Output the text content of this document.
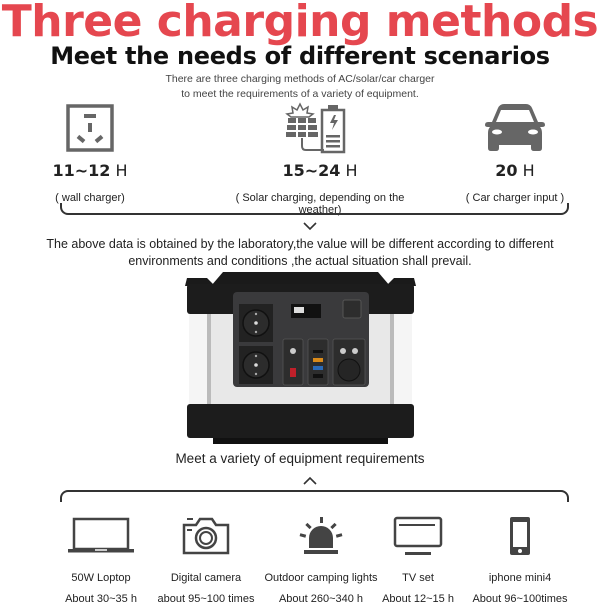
Three charging methods
Meet the needs of different scenarios
There are three charging methods of AC/solar/car charger
to meet the requirements of a variety of equipment.
11~12 H
( wall charger)
15~24 H
( Solar charging, depending on the weather)
20 H
( Car charger input )
The above data is obtained by the laboratory,the value will be different according to different
environments and conditions ,the actual situation shall prevail.
Meet a variety of equipment requirements
50W Loptop
About 30~35 h
Digital camera
about 95~100 times
Outdoor camping lights
About 260~340 h
TV set
About 12~15 h
iphone mini4
About 96~100times
